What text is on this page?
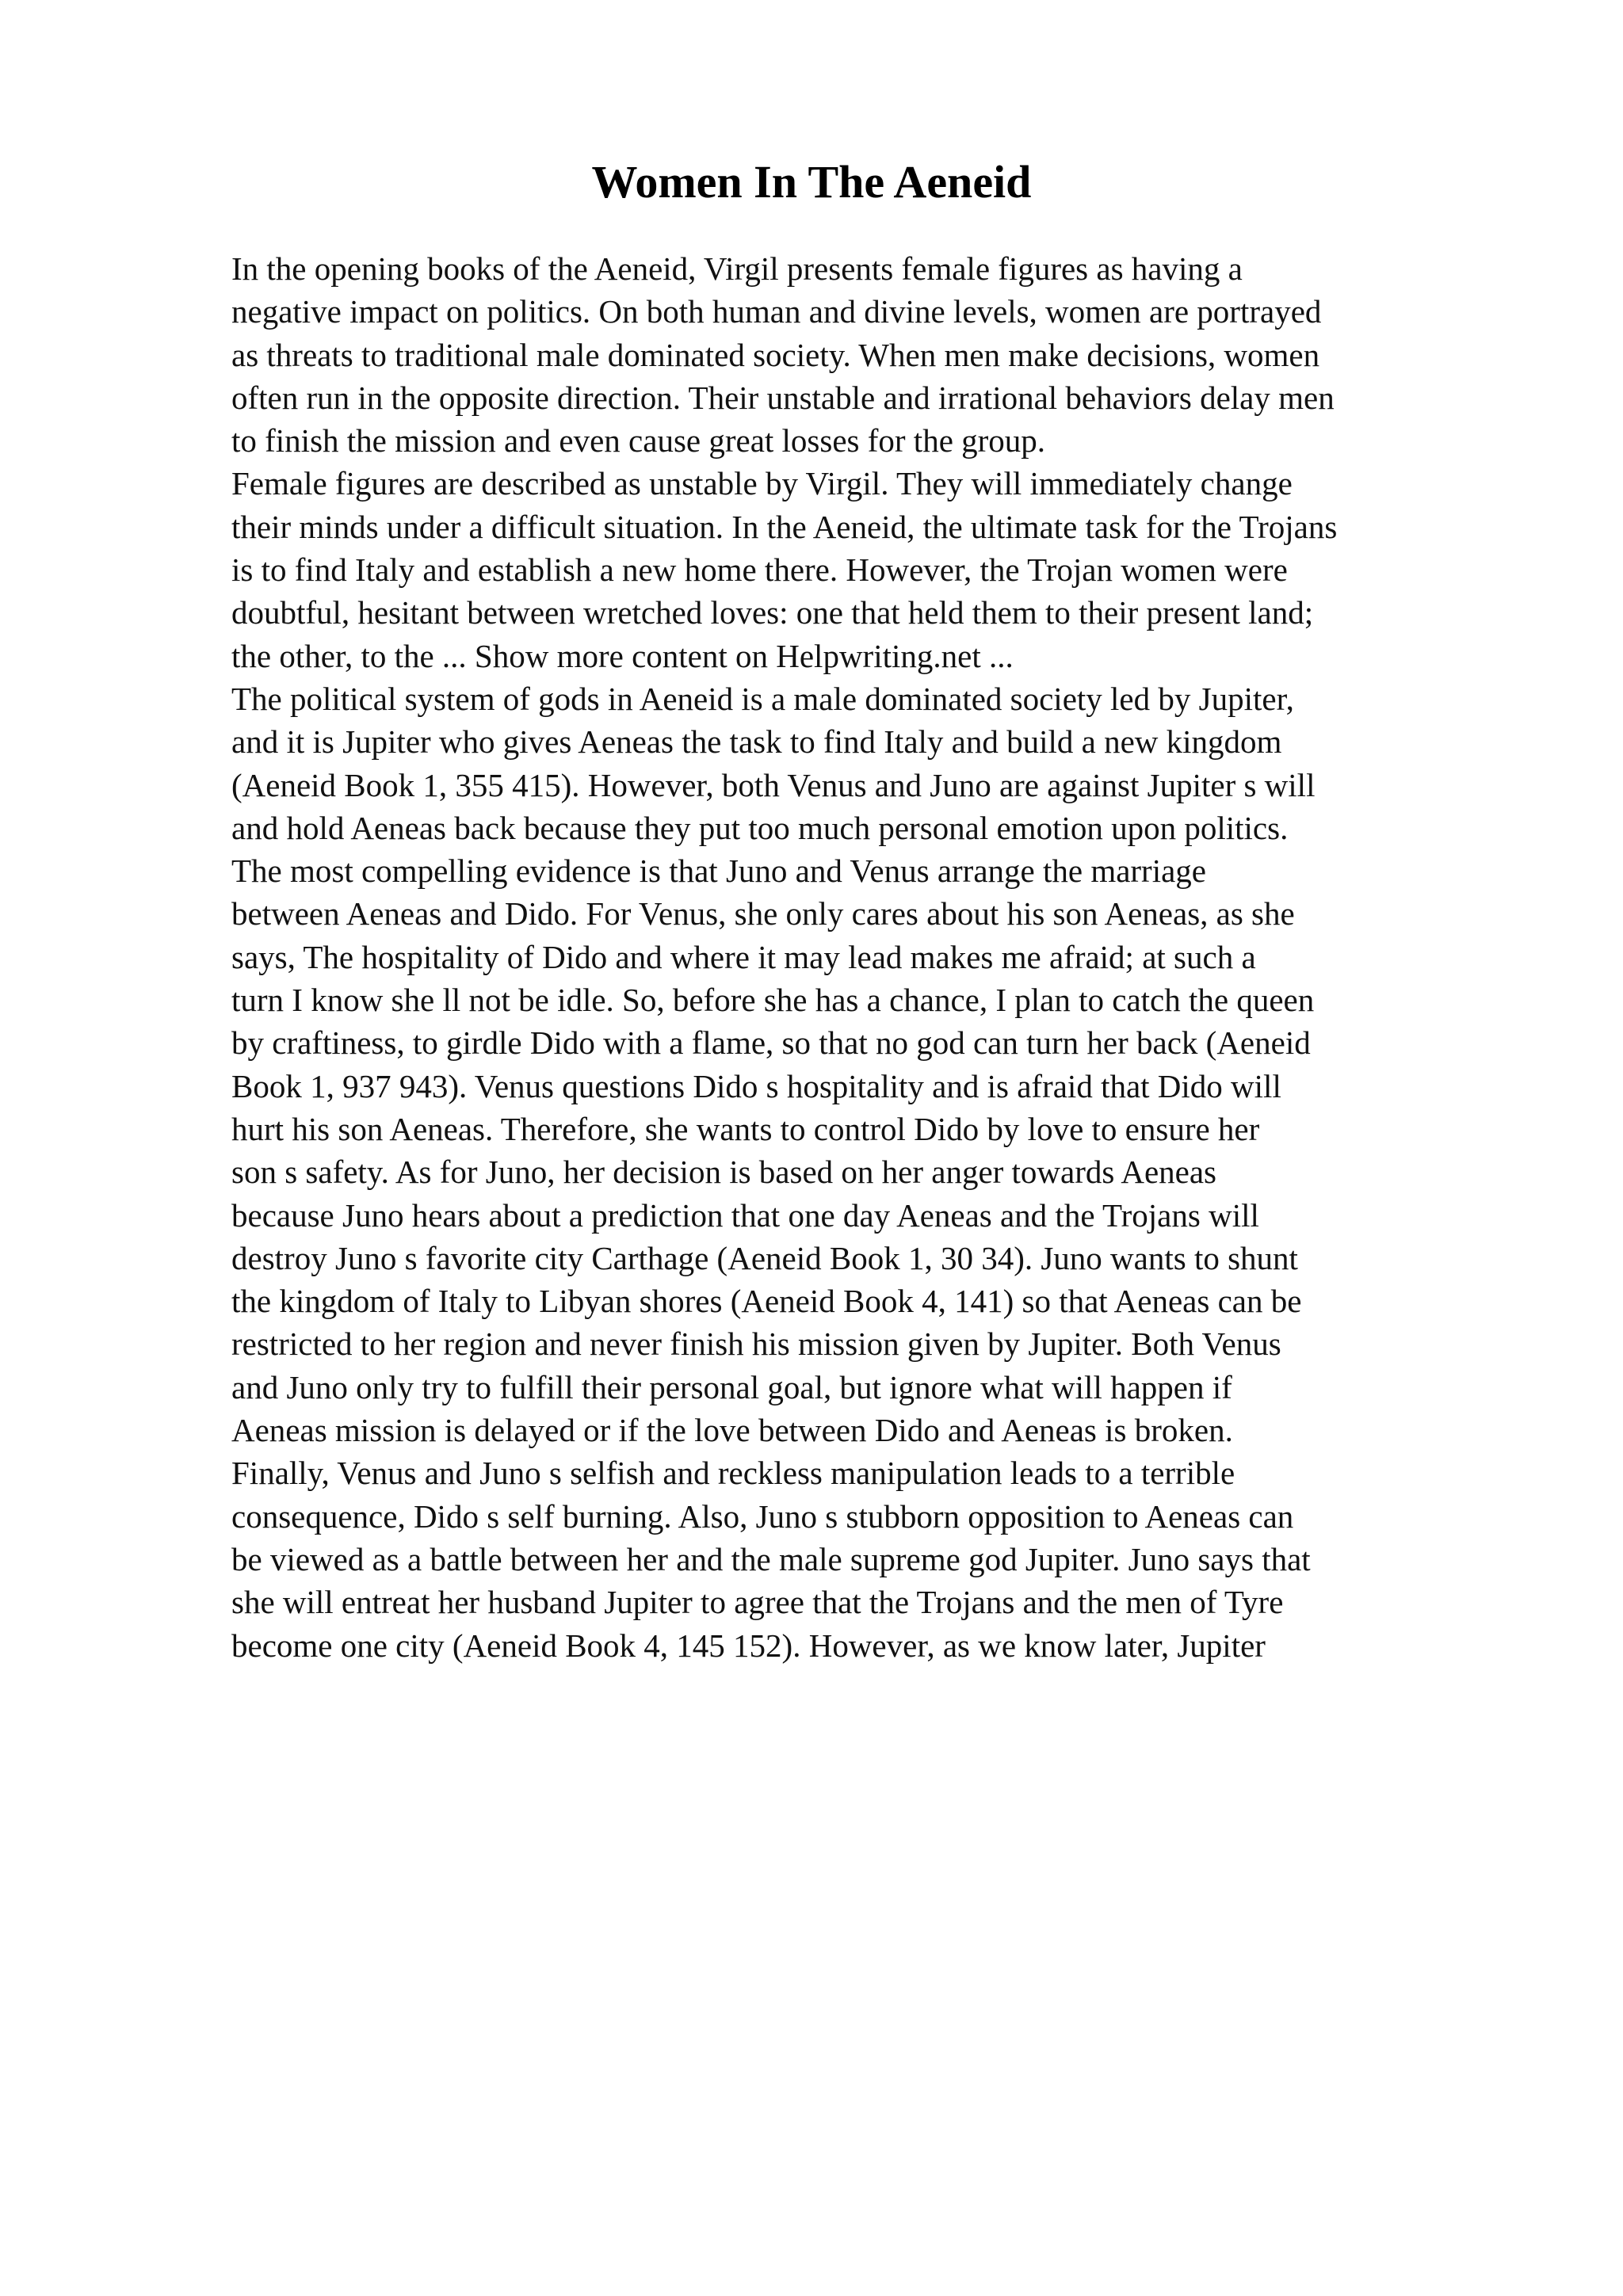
Women In The Aeneid
In the opening books of the Aeneid, Virgil presents female figures as having a
negative impact on politics. On both human and divine levels, women are portrayed
as threats to traditional male dominated society. When men make decisions, women
often run in the opposite direction. Their unstable and irrational behaviors delay men
to finish the mission and even cause great losses for the group.
Female figures are described as unstable by Virgil. They will immediately change
their minds under a difficult situation. In the Aeneid, the ultimate task for the Trojans
is to find Italy and establish a new home there. However, the Trojan women were
doubtful, hesitant between wretched loves: one that held them to their present land;
the other, to the ... Show more content on Helpwriting.net ...
The political system of gods in Aeneid is a male dominated society led by Jupiter,
and it is Jupiter who gives Aeneas the task to find Italy and build a new kingdom
(Aeneid Book 1, 355 415). However, both Venus and Juno are against Jupiter s will
and hold Aeneas back because they put too much personal emotion upon politics.
The most compelling evidence is that Juno and Venus arrange the marriage
between Aeneas and Dido. For Venus, she only cares about his son Aeneas, as she
says, The hospitality of Dido and where it may lead makes me afraid; at such a
turn I know she ll not be idle. So, before she has a chance, I plan to catch the queen
by craftiness, to girdle Dido with a flame, so that no god can turn her back (Aeneid
Book 1, 937 943). Venus questions Dido s hospitality and is afraid that Dido will
hurt his son Aeneas. Therefore, she wants to control Dido by love to ensure her
son s safety. As for Juno, her decision is based on her anger towards Aeneas
because Juno hears about a prediction that one day Aeneas and the Trojans will
destroy Juno s favorite city Carthage (Aeneid Book 1, 30 34). Juno wants to shunt
the kingdom of Italy to Libyan shores (Aeneid Book 4, 141) so that Aeneas can be
restricted to her region and never finish his mission given by Jupiter. Both Venus
and Juno only try to fulfill their personal goal, but ignore what will happen if
Aeneas mission is delayed or if the love between Dido and Aeneas is broken.
Finally, Venus and Juno s selfish and reckless manipulation leads to a terrible
consequence, Dido s self burning. Also, Juno s stubborn opposition to Aeneas can
be viewed as a battle between her and the male supreme god Jupiter. Juno says that
she will entreat her husband Jupiter to agree that the Trojans and the men of Tyre
become one city (Aeneid Book 4, 145 152). However, as we know later, Jupiter
